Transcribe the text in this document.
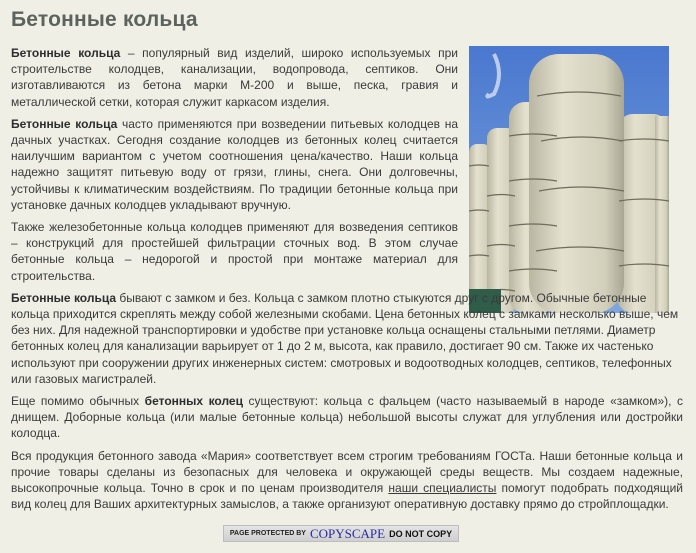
Бетонные кольца

Бетонные кольца – популярный вид изделий, широко используемых при строительстве колодцев, канализации, водопровода, септиков. Они изготавливаются из бетона марки М-200 и выше, песка, гравия и металлической сетки, которая служит каркасом изделия.

Бетонные кольца часто применяются при возведении питьевых колодцев на дачных участках. Сегодня создание колодцев из бетонных колец считается наилучшим вариантом с учетом соотношения цена/качество. Наши кольца надежно защитят питьевую воду от грязи, глины, снега. Они долговечны, устойчивы к климатическим воздействиям. По традиции бетонные кольца при установке дачных колодцев укладывают вручную.

Также железобетонные кольца колодцев применяют для возведения септиков – конструкций для простейшей фильтрации сточных вод. В этом случае бетонные кольца – недорогой и простой при монтаже материал для строительства.

Бетонные кольца бывают с замком и без. Кольца с замком плотно стыкуются друг с другом. Обычные бетонные кольца приходится скреплять между собой железными скобами. Цена бетонных колец с замками несколько выше, чем без них. Для надежной транспортировки и удобстве при установке кольца оснащены стальными петлями. Диаметр бетонных колец для канализации варьирует от 1 до 2 м, высота, как правило, достигает 90 см. Также их частенько используют при сооружении других инженерных систем: смотровых и водоотводных колодцев, септиков, телефонных или газовых магистралей.

Еще помимо обычных бетонных колец существуют: кольца с фальцем (часто называемый в народе «замком»), с днищем. Доборные кольца (или малые бетонные кольца) небольшой высоты служат для углубления или достройки колодца.

Вся продукция бетонного завода «Мария» соответствует всем строгим требованиям ГОСТа. Наши бетонные кольца и прочие товары сделаны из безопасных для человека и окружающей среды веществ. Мы создаем надежные, высокопрочные кольца. Точно в срок и по ценам производителя наши специалисты помогут подобрать подходящий вид колец для Ваших архитектурных замыслов, а также организуют оперативную доставку прямо до стройплощадки.

PAGE PROTECTED BY COPYSCAPE DO NOT COPY
